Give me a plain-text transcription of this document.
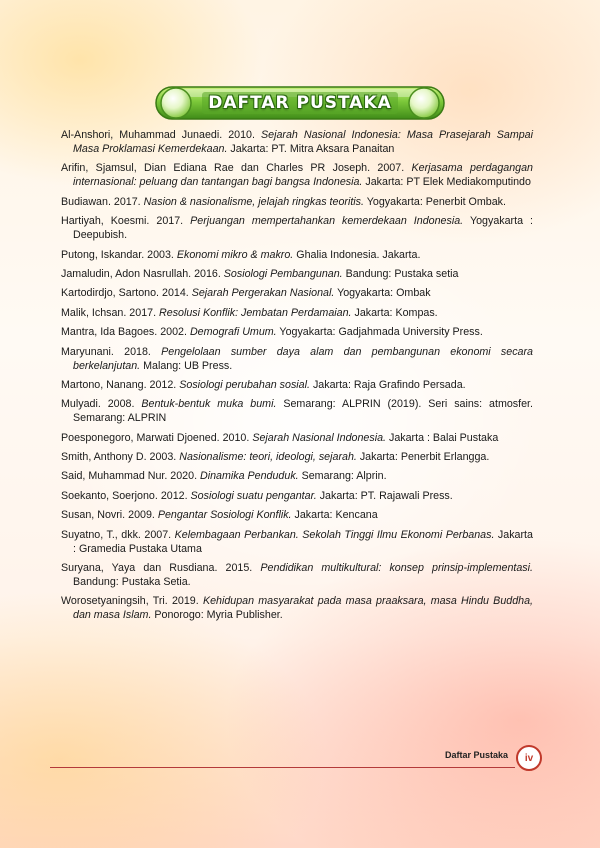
DAFTAR PUSTAKA

Al-Anshori, Muhammad Junaedi. 2010. Sejarah Nasional Indonesia: Masa Prasejarah Sampai Masa Proklamasi Kemerdekaan. Jakarta: PT. Mitra Aksara Panaitan

Arifin, Sjamsul, Dian Ediana Rae dan Charles PR Joseph. 2007. Kerjasama perdagangan internasional: peluang dan tantangan bagi bangsa Indonesia. Jakarta: PT Elek Mediakomputindo

Budiawan. 2017. Nasion & nasionalisme, jelajah ringkas teoritis. Yogyakarta: Penerbit Ombak.

Hartiyah, Koesmi. 2017. Perjuangan mempertahankan kemerdekaan Indonesia. Yogyakarta : Deepubish.

Putong, Iskandar. 2003. Ekonomi mikro & makro. Ghalia Indonesia. Jakarta.

Jamaludin, Adon Nasrullah. 2016. Sosiologi Pembangunan. Bandung: Pustaka setia

Kartodirdjo, Sartono. 2014. Sejarah Pergerakan Nasional. Yogyakarta: Ombak

Malik, Ichsan. 2017. Resolusi Konflik: Jembatan Perdamaian. Jakarta: Kompas.

Mantra, Ida Bagoes. 2002. Demografi Umum. Yogyakarta: Gadjahmada University Press.

Maryunani. 2018. Pengelolaan sumber daya alam dan pembangunan ekonomi secara berkelanjutan. Malang: UB Press.

Martono, Nanang. 2012. Sosiologi perubahan sosial. Jakarta: Raja Grafindo Persada.

Mulyadi. 2008. Bentuk-bentuk muka bumi. Semarang: ALPRIN (2019). Seri sains: atmosfer. Semarang: ALPRIN

Poesponegoro, Marwati Djoened. 2010. Sejarah Nasional Indonesia. Jakarta : Balai Pustaka

Smith, Anthony D. 2003. Nasionalisme: teori, ideologi, sejarah. Jakarta: Penerbit Erlangga.

Said, Muhammad Nur. 2020. Dinamika Penduduk. Semarang: Alprin.

Soekanto, Soerjono. 2012. Sosiologi suatu pengantar. Jakarta: PT. Rajawali Press.

Susan, Novri. 2009. Pengantar Sosiologi Konflik. Jakarta: Kencana

Suyatno, T., dkk. 2007. Kelembagaan Perbankan. Sekolah Tinggi Ilmu Ekonomi Perbanas. Jakarta : Gramedia Pustaka Utama

Suryana, Yaya dan Rusdiana. 2015. Pendidikan multikultural: konsep prinsip-implementasi. Bandung: Pustaka Setia.

Worosetyaningsih, Tri. 2019. Kehidupan masyarakat pada masa praaksara, masa Hindu Buddha, dan masa Islam. Ponorogo: Myria Publisher.

Daftar Pustaka	iv
